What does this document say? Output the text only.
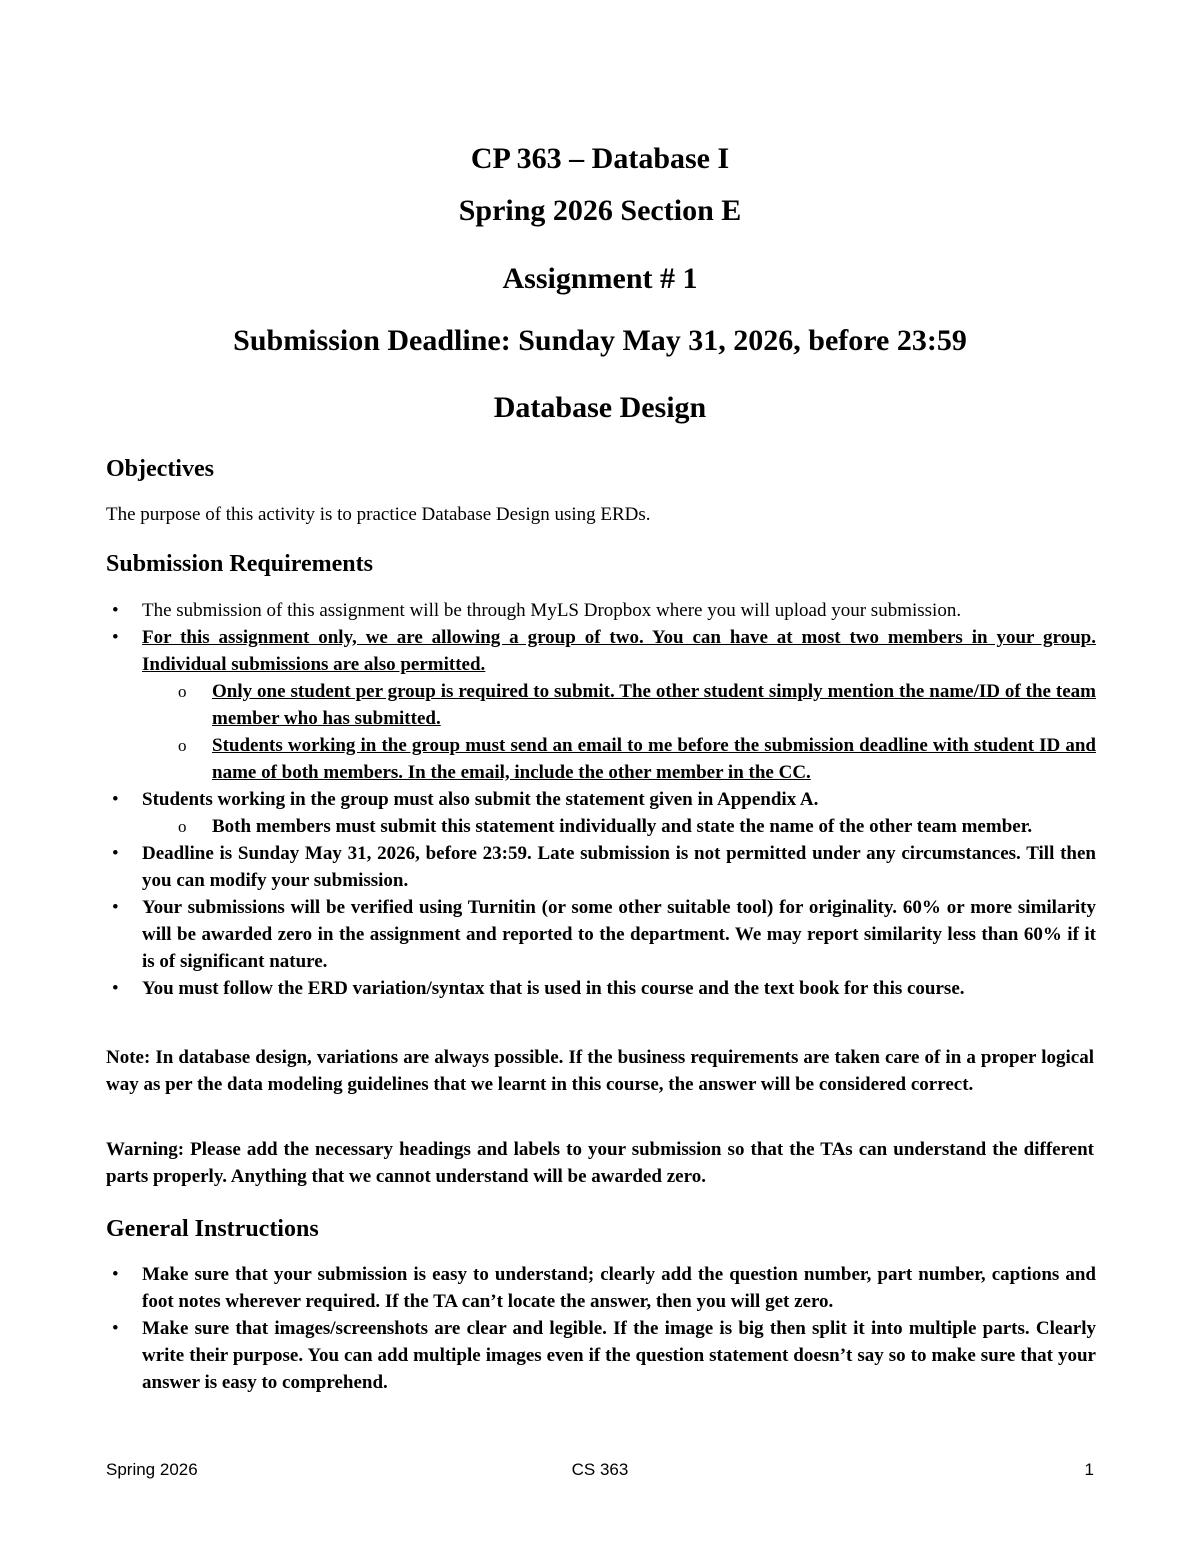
CP 363 – Database I
Spring 2026 Section E
Assignment # 1
Submission Deadline: Sunday May 31, 2026, before 23:59
Database Design
Objectives
The purpose of this activity is to practice Database Design using ERDs.
Submission Requirements
• The submission of this assignment will be through MyLS Dropbox where you will upload your submission.
• For this assignment only, we are allowing a group of two. You can have at most two members in your group. Individual submissions are also permitted.
o Only one student per group is required to submit. The other student simply mention the name/ID of the team member who has submitted.
o Students working in the group must send an email to me before the submission deadline with student ID and name of both members. In the email, include the other member in the CC.
• Students working in the group must also submit the statement given in Appendix A.
o Both members must submit this statement individually and state the name of the other team member.
• Deadline is Sunday May 31, 2026, before 23:59. Late submission is not permitted under any circumstances. Till then you can modify your submission.
• Your submissions will be verified using Turnitin (or some other suitable tool) for originality. 60% or more similarity will be awarded zero in the assignment and reported to the department. We may report similarity less than 60% if it is of significant nature.
• You must follow the ERD variation/syntax that is used in this course and the text book for this course.
Note: In database design, variations are always possible. If the business requirements are taken care of in a proper logical way as per the data modeling guidelines that we learnt in this course, the answer will be considered correct.
Warning: Please add the necessary headings and labels to your submission so that the TAs can understand the different parts properly. Anything that we cannot understand will be awarded zero.
General Instructions
• Make sure that your submission is easy to understand; clearly add the question number, part number, captions and foot notes wherever required. If the TA can’t locate the answer, then you will get zero.
• Make sure that images/screenshots are clear and legible. If the image is big then split it into multiple parts. Clearly write their purpose. You can add multiple images even if the question statement doesn’t say so to make sure that your answer is easy to comprehend.
Spring 2026	CS 363	1
